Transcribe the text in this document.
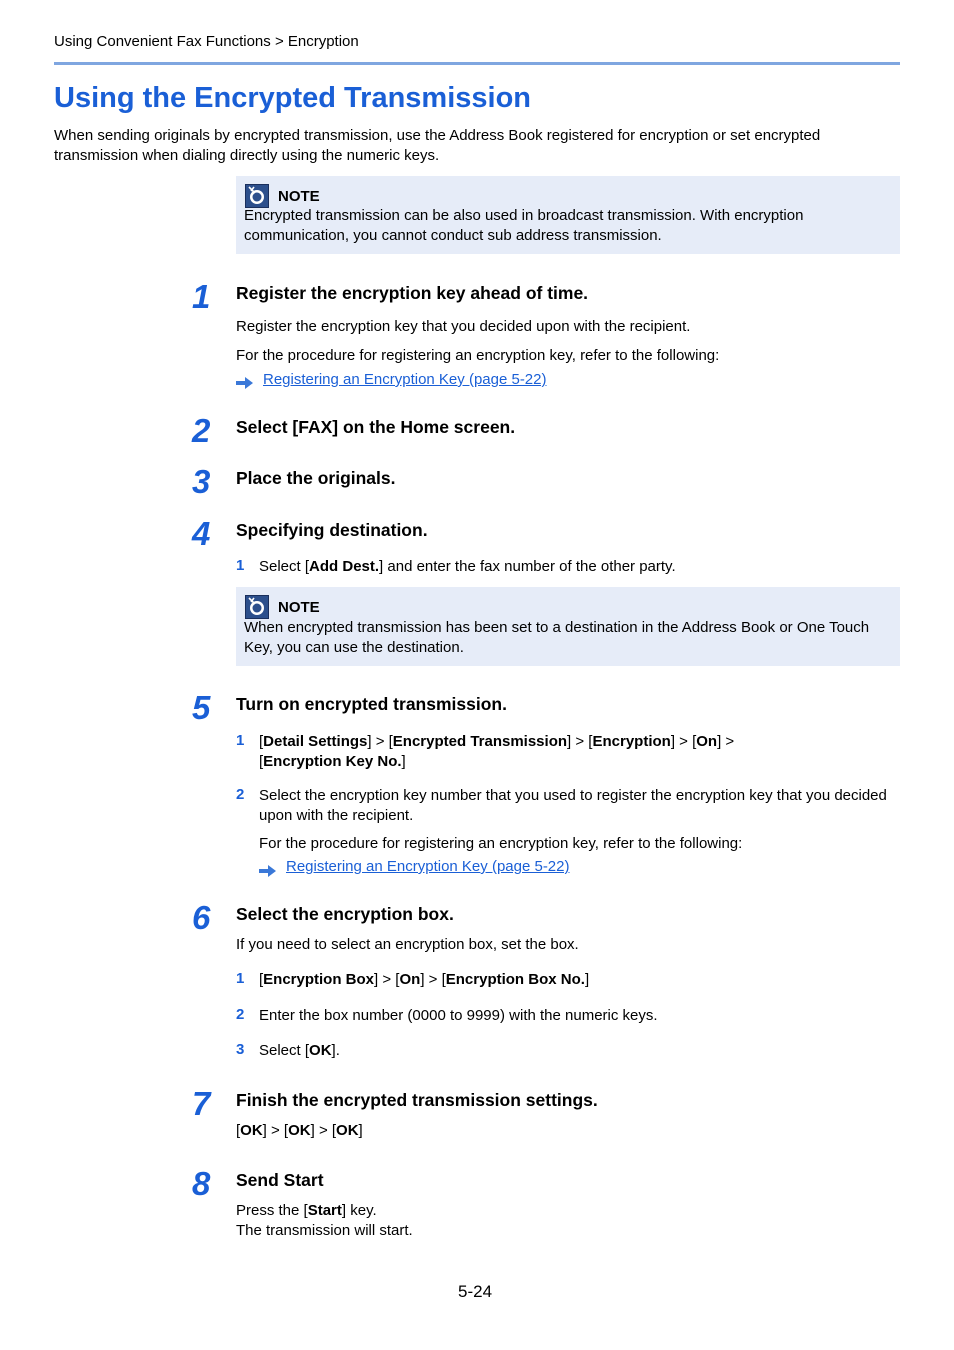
Using Convenient Fax Functions > Encryption
Using the Encrypted Transmission
When sending originals by encrypted transmission, use the Address Book registered for encryption or set encrypted transmission when dialing directly using the numeric keys.
NOTE
Encrypted transmission can be also used in broadcast transmission. With encryption communication, you cannot conduct sub address transmission.
1 Register the encryption key ahead of time.
Register the encryption key that you decided upon with the recipient.
For the procedure for registering an encryption key, refer to the following:
Registering an Encryption Key (page 5-22)
2 Select [FAX] on the Home screen.
3 Place the originals.
4 Specifying destination.
1 Select [Add Dest.] and enter the fax number of the other party.
NOTE
When encrypted transmission has been set to a destination in the Address Book or One Touch Key, you can use the destination.
5 Turn on encrypted transmission.
1 [Detail Settings] > [Encrypted Transmission] > [Encryption] > [On] >
[Encryption Key No.]
2 Select the encryption key number that you used to register the encryption key that you decided upon with the recipient.
For the procedure for registering an encryption key, refer to the following:
Registering an Encryption Key (page 5-22)
6 Select the encryption box.
If you need to select an encryption box, set the box.
1 [Encryption Box] > [On] > [Encryption Box No.]
2 Enter the box number (0000 to 9999) with the numeric keys.
3 Select [OK].
7 Finish the encrypted transmission settings.
[OK] > [OK] > [OK]
8 Send Start
Press the [Start] key.
The transmission will start.
5-24
